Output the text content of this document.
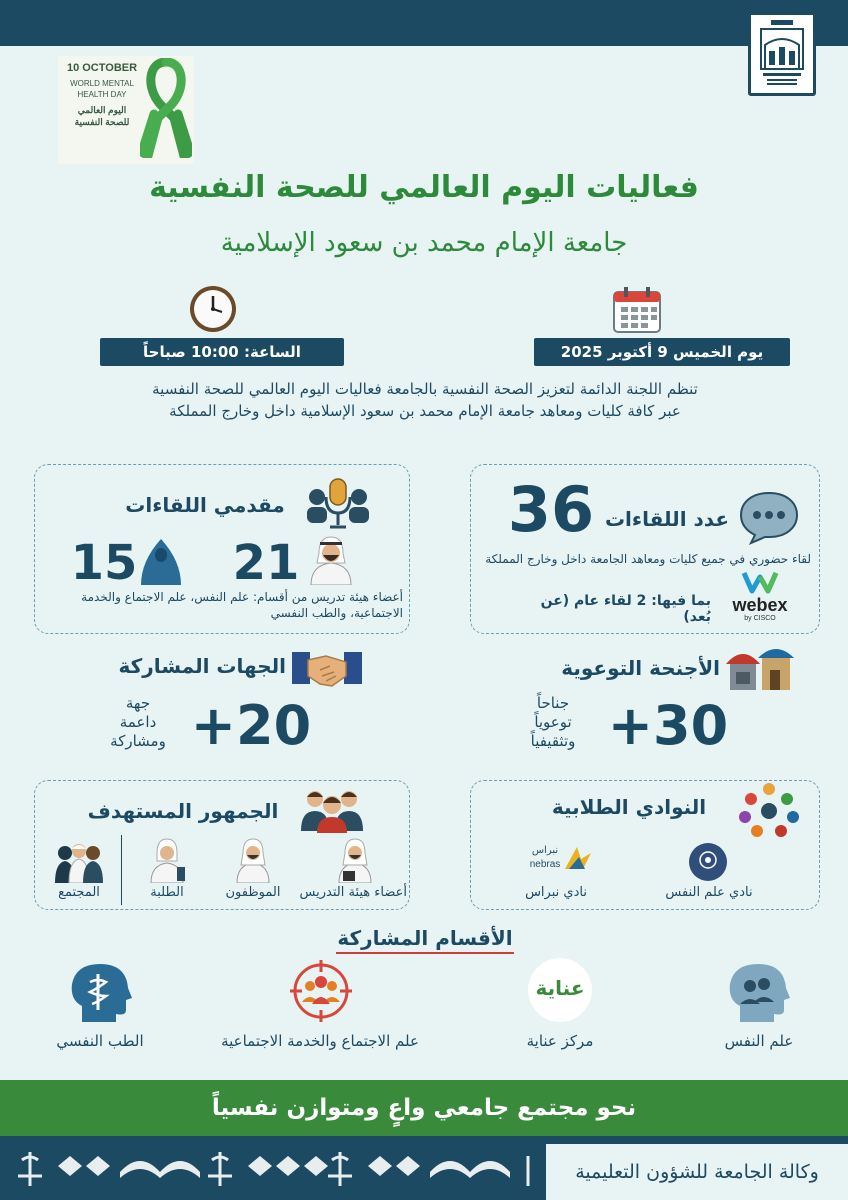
10 OCTOBER
WORLD MENTAL HEALTH DAY
اليوم العالمي
للصحة النفسية
فعاليات اليوم العالمي للصحة النفسية
جامعة الإمام محمد بن سعود الإسلامية
الساعة: 10:00 صباحاً	يوم الخميس 9 أكتوبر 2025
تنظم اللجنة الدائمة لتعزيز الصحة النفسية بالجامعة فعاليات اليوم العالمي للصحة النفسية
عبر كافة كليات ومعاهد جامعة الإمام محمد بن سعود الإسلامية داخل وخارج المملكة
عدد اللقاءات
36
لقاء حضوري في جميع كليات ومعاهد الجامعة داخل وخارج المملكة
webex
by CISCO
بما فيها: 2 لقاء عام (عن بُعد)
مقدمي اللقاءات
21
15
أعضاء هيئة تدريس من أقسام: علم النفس، علم الاجتماع والخدمة الاجتماعية، والطب النفسي
الأجنحة التوعوية
+30
جناحاً
توعوياً
وتثقيفياً
الجهات المشاركة
+20
جهة
داعمة
ومشاركة
النوادي الطلابية
نادي علم النفس
نبراس
nebras
نادي نبراس
الجمهور المستهدف
أعضاء هيئة التدريس
الموظفون
الطلبة
المجتمع
الأقسام المشاركة
علم النفس
عناية
مركز عناية
علم الاجتماع والخدمة الاجتماعية
الطب النفسي
نحو مجتمع جامعي واعٍ ومتوازن نفسياً
وكالة الجامعة للشؤون التعليمية
